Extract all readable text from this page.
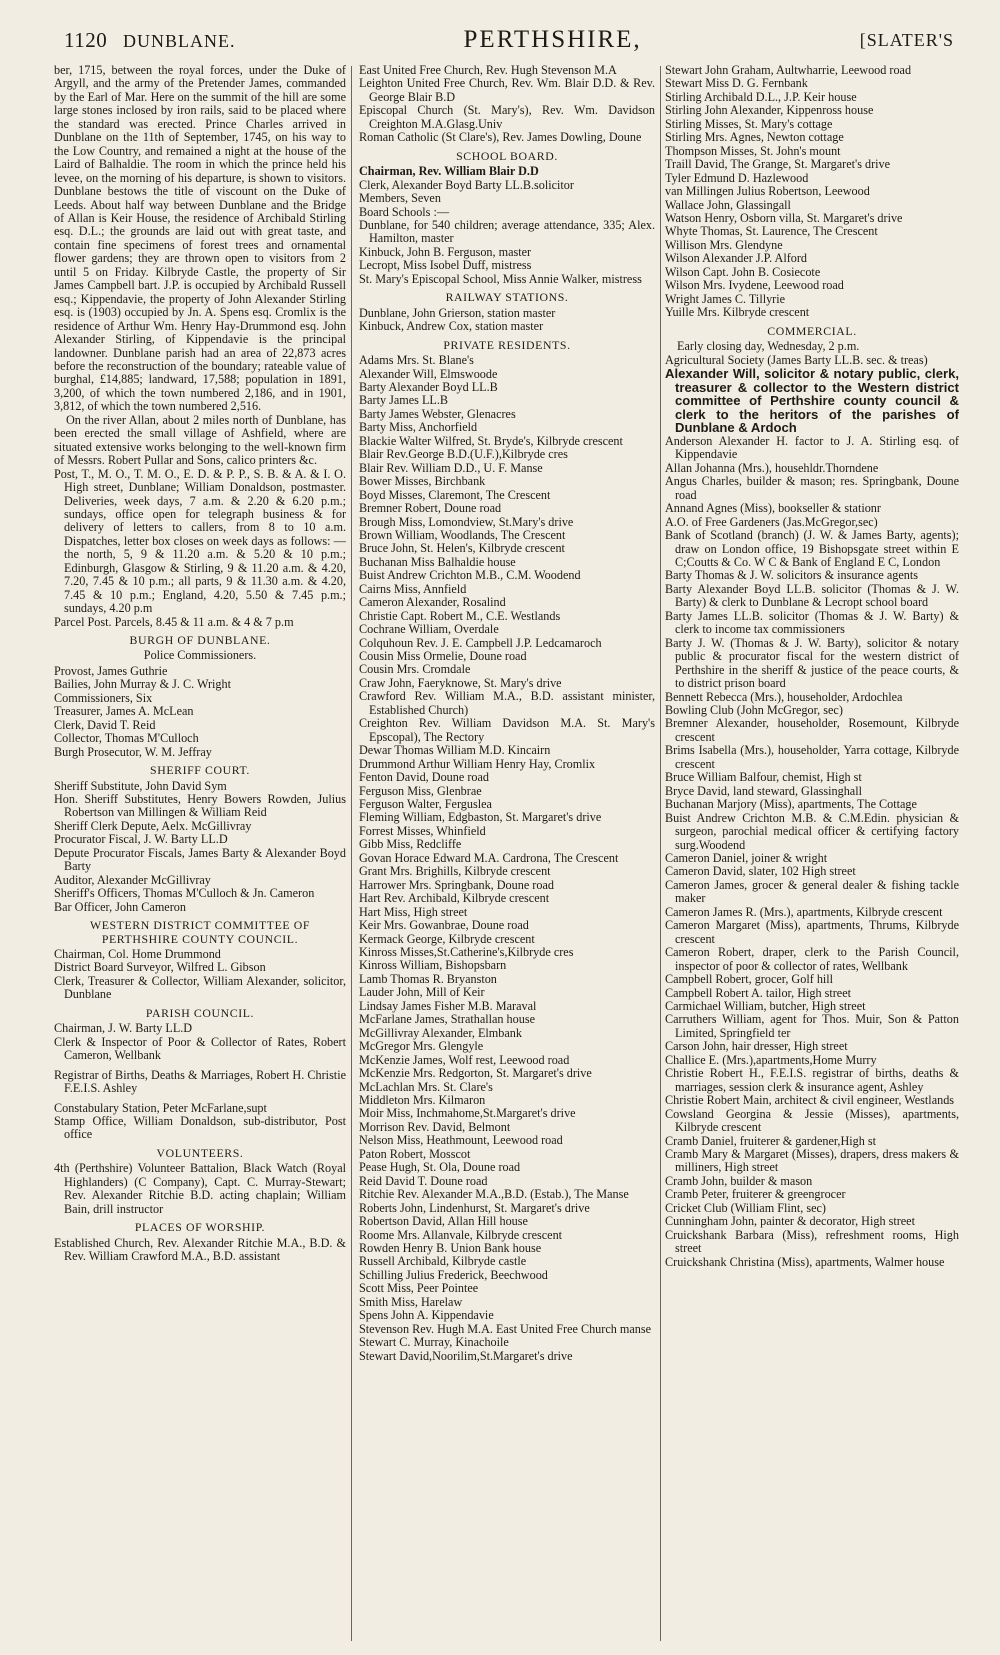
1120 DUNBLANE.	PERTHSHIRE,	[SLATER'S

ber, 1715, between the royal forces, under the Duke of Argyll, and the army of the Pretender James, commanded by the Earl of Mar. Here on the summit of the hill are some large stones inclosed by iron rails, said to be placed where the standard was erected. Prince Charles arrived in Dunblane on the 11th of September, 1745, on his way to the Low Country, and remained a night at the house of the Laird of Balhaldie. The room in which the prince held his levee, on the morning of his departure, is shown to visitors. Dunblane bestows the title of viscount on the Duke of Leeds. About half way between Dunblane and the Bridge of Allan is Keir House, the residence of Archibald Stirling esq. D.L.; the grounds are laid out with great taste, and contain fine specimens of forest trees and ornamental flower gardens; they are thrown open to visitors from 2 until 5 on Friday. Kilbryde Castle, the property of Sir James Campbell bart. J.P. is occupied by Archibald Russell esq.; Kippendavie, the property of John Alexander Stirling esq. is (1903) occupied by Jn. A. Spens esq. Cromlix is the residence of Arthur Wm. Henry Hay-Drummond esq. John Alexander Stirling, of Kippendavie is the principal landowner. Dunblane parish had an area of 22,873 acres before the reconstruction of the boundary; rateable value of burghal, £14,885; landward, 17,588; population in 1891, 3,200, of which the town numbered 2,186, and in 1901, 3,812, of which the town numbered 2,516.

On the river Allan, about 2 miles north of Dunblane, has been erected the small village of Ashfield, where are situated extensive works belonging to the well-known firm of Messrs. Robert Pullar and Sons, calico printers &c.

Post, T., M. O., T. M. O., E. D. & P. P., S. B. & A. & I. O. High street, Dunblane; William Donaldson, postmaster. Deliveries, week days, 7 a.m. & 2.20 & 6.20 p.m.; sundays, office open for telegraph business & for delivery of letters to callers, from 8 to 10 a.m. Dispatches, letter box closes on week days as follows: —the north, 5, 9 & 11.20 a.m. & 5.20 & 10 p.m.; Edinburgh, Glasgow & Stirling, 9 & 11.20 a.m. & 4.20, 7.20, 7.45 & 10 p.m.; all parts, 9 & 11.30 a.m. & 4.20, 7.45 & 10 p.m.; England, 4.20, 5.50 & 7.45 p.m.; sundays, 4.20 p.m

Parcel Post. Parcels, 8.45 & 11 a.m. & 4 & 7 p.m

BURGH OF DUNBLANE.

Police Commissioners.

Provost, James Guthrie

Bailies, John Murray & J. C. Wright

Commissioners, Six

Treasurer, James A. McLean

Clerk, David T. Reid

Collector, Thomas M'Culloch

Burgh Prosecutor, W. M. Jeffray

SHERIFF COURT.

Sheriff Substitute, John David Sym

Hon. Sheriff Substitutes, Henry Bowers Rowden, Julius Robertson van Millingen & William Reid

Sheriff Clerk Depute, Aelx. McGillivray

Procurator Fiscal, J. W. Barty LL.D

Depute Procurator Fiscals, James Barty & Alexander Boyd Barty

Auditor, Alexander McGillivray

Sheriff's Officers, Thomas M'Culloch & Jn. Cameron

Bar Officer, John Cameron

WESTERN DISTRICT COMMITTEE OF PERTHSHIRE COUNTY COUNCIL.

Chairman, Col. Home Drummond

District Board Surveyor, Wilfred L. Gibson

Clerk, Treasurer & Collector, William Alexander, solicitor, Dunblane

PARISH COUNCIL.

Chairman, J. W. Barty LL.D

Clerk & Inspector of Poor & Collector of Rates, Robert Cameron, Wellbank

Registrar of Births, Deaths & Marriages, Robert H. Christie F.E.I.S. Ashley

Constabulary Station, Peter McFarlane,supt

Stamp Office, William Donaldson, sub-distributor, Post office

VOLUNTEERS.

4th (Perthshire) Volunteer Battalion, Black Watch (Royal Highlanders) (C Company), Capt. C. Murray-Stewart; Rev. Alexander Ritchie B.D. acting chaplain; William Bain, drill instructor

PLACES OF WORSHIP.

Established Church, Rev. Alexander Ritchie M.A., B.D. & Rev. William Crawford M.A., B.D. assistant

East United Free Church, Rev. Hugh Stevenson M.A

Leighton United Free Church, Rev. Wm. Blair D.D. & Rev. George Blair B.D

Episcopal Church (St. Mary's), Rev. Wm. Davidson Creighton M.A.Glasg.Univ

Roman Catholic (St Clare's), Rev. James Dowling, Doune

SCHOOL BOARD.

Chairman, Rev. William Blair D.D

Clerk, Alexander Boyd Barty LL.B.solicitor

Members, Seven

Board Schools :—

Dunblane, for 540 children; average attendance, 335; Alex. Hamilton, master

Kinbuck, John B. Ferguson, master

Lecropt, Miss Isobel Duff, mistress

St. Mary's Episcopal School, Miss Annie Walker, mistress

RAILWAY STATIONS.

Dunblane, John Grierson, station master

Kinbuck, Andrew Cox, station master

PRIVATE RESIDENTS.

Adams Mrs. St. Blane's

Alexander Will, Elmswoode

Barty Alexander Boyd LL.B

Barty James LL.B

Barty James Webster, Glenacres

Barty Miss, Anchorfield

Blackie Walter Wilfred, St. Bryde's, Kilbryde crescent

Blair Rev.George B.D.(U.F.),Kilbryde cres

Blair Rev. William D.D., U. F. Manse

Bower Misses, Birchbank

Boyd Misses, Claremont, The Crescent

Bremner Robert, Doune road

Brough Miss, Lomondview, St.Mary's drive

Brown William, Woodlands, The Crescent

Bruce John, St. Helen's, Kilbryde crescent

Buchanan Miss Balhaldie house

Buist Andrew Crichton M.B., C.M. Woodend

Cairns Miss, Annfield

Cameron Alexander, Rosalind

Christie Capt. Robert M., C.E. Westlands

Cochrane William, Overdale

Colquhoun Rev. J. E. Campbell J.P. Ledcamaroch

Cousin Miss Ormelie, Doune road

Cousin Mrs. Cromdale

Craw John, Faeryknowe, St. Mary's drive

Crawford Rev. William M.A., B.D. assistant minister, Established Church)

Creighton Rev. William Davidson M.A. St. Mary's Epscopal), The Rectory

Dewar Thomas William M.D. Kincairn

Drummond Arthur William Henry Hay, Cromlix

Fenton David, Doune road

Ferguson Miss, Glenbrae

Ferguson Walter, Ferguslea

Fleming William, Edgbaston, St. Margaret's drive

Forrest Misses, Whinfield

Gibb Miss, Redcliffe

Govan Horace Edward M.A. Cardrona, The Crescent

Grant Mrs. Brighills, Kilbryde crescent

Harrower Mrs. Springbank, Doune road

Hart Rev. Archibald, Kilbryde crescent

Hart Miss, High street

Keir Mrs. Gowanbrae, Doune road

Kermack George, Kilbryde crescent

Kinross Misses,St.Catherine's,Kilbryde cres

Kinross William, Bishopsbarn

Lamb Thomas R. Bryanston

Lauder John, Mill of Keir

Lindsay James Fisher M.B. Maraval

McFarlane James, Strathallan house

McGillivray Alexander, Elmbank

McGregor Mrs. Glengyle

McKenzie James, Wolf rest, Leewood road

McKenzie Mrs. Redgorton, St. Margaret's drive

McLachlan Mrs. St. Clare's

Middleton Mrs. Kilmaron

Moir Miss, Inchmahome,St.Margaret's drive

Morrison Rev. David, Belmont

Nelson Miss, Heathmount, Leewood road

Paton Robert, Mosscot

Pease Hugh, St. Ola, Doune road

Reid David T. Doune road

Ritchie Rev. Alexander M.A.,B.D. (Estab.), The Manse

Roberts John, Lindenhurst, St. Margaret's drive

Robertson David, Allan Hill house

Roome Mrs. Allanvale, Kilbryde crescent

Rowden Henry B. Union Bank house

Russell Archibald, Kilbryde castle

Schilling Julius Frederick, Beechwood

Scott Miss, Peer Pointee

Smith Miss, Harelaw

Spens John A. Kippendavie

Stevenson Rev. Hugh M.A. East United Free Church manse

Stewart C. Murray, Kinachoile

Stewart David,Noorilim,St.Margaret's drive

Stewart John Graham, Aultwharrie, Leewood road

Stewart Miss D. G. Fernbank

Stirling Archibald D.L., J.P. Keir house

Stirling John Alexander, Kippenross house

Stirling Misses, St. Mary's cottage

Stirling Mrs. Agnes, Newton cottage

Thompson Misses, St. John's mount

Traill David, The Grange, St. Margaret's drive

Tyler Edmund D. Hazlewood

van Millingen Julius Robertson, Leewood

Wallace John, Glassingall

Watson Henry, Osborn villa, St. Margaret's drive

Whyte Thomas, St. Laurence, The Crescent

Willison Mrs. Glendyne

Wilson Alexander J.P. Alford

Wilson Capt. John B. Cosiecote

Wilson Mrs. Ivydene, Leewood road

Wright James C. Tillyrie

Yuille Mrs. Kilbryde crescent

COMMERCIAL.

Early closing day, Wednesday, 2 p.m.

Agricultural Society (James Barty LL.B. sec. & treas)

Alexander Will, solicitor & notary public, clerk, treasurer & collector to the Western district committee of Perthshire county council & clerk to the heritors of the parishes of Dunblane & Ardoch

Anderson Alexander H. factor to J. A. Stirling esq. of Kippendavie

Allan Johanna (Mrs.), househldr.Thorndene

Angus Charles, builder & mason; res. Springbank, Doune road

Annand Agnes (Miss), bookseller & stationr

A.O. of Free Gardeners (Jas.McGregor,sec)

Bank of Scotland (branch) (J. W. & James Barty, agents); draw on London office, 19 Bishopsgate street within E C;Coutts & Co. W C & Bank of England E C, London

Barty Thomas & J. W. solicitors & insurance agents

Barty Alexander Boyd LL.B. solicitor (Thomas & J. W. Barty) & clerk to Dunblane & Lecropt school board

Barty James LL.B. solicitor (Thomas & J. W. Barty) & clerk to income tax commissioners

Barty J. W. (Thomas & J. W. Barty), solicitor & notary public & procurator fiscal for the western district of Perthshire in the sheriff & justice of the peace courts, & to district prison board

Bennett Rebecca (Mrs.), householder, Ardochlea

Bowling Club (John McGregor, sec)

Bremner Alexander, householder, Rosemount, Kilbryde crescent

Brims Isabella (Mrs.), householder, Yarra cottage, Kilbryde crescent

Bruce William Balfour, chemist, High st

Bryce David, land steward, Glassinghall

Buchanan Marjory (Miss), apartments, The Cottage

Buist Andrew Crichton M.B. & C.M.Edin. physician & surgeon, parochial medical officer & certifying factory surg.Woodend

Cameron Daniel, joiner & wright

Cameron David, slater, 102 High street

Cameron James, grocer & general dealer & fishing tackle maker

Cameron James R. (Mrs.), apartments, Kilbryde crescent

Cameron Margaret (Miss), apartments, Thrums, Kilbryde crescent

Cameron Robert, draper, clerk to the Parish Council, inspector of poor & collector of rates, Wellbank

Campbell Robert, grocer, Golf hill

Campbell Robert A. tailor, High street

Carmichael William, butcher, High street

Carruthers William, agent for Thos. Muir, Son & Patton Limited, Springfield ter

Carson John, hair dresser, High street

Challice E. (Mrs.),apartments,Home Murry

Christie Robert H., F.E.I.S. registrar of births, deaths & marriages, session clerk & insurance agent, Ashley

Christie Robert Main, architect & civil engineer, Westlands

Cowsland Georgina & Jessie (Misses), apartments, Kilbryde crescent

Cramb Daniel, fruiterer & gardener,High st

Cramb Mary & Margaret (Misses), drapers, dress makers & milliners, High street

Cramb John, builder & mason

Cramb Peter, fruiterer & greengrocer

Cricket Club (William Flint, sec)

Cunningham John, painter & decorator, High street

Cruickshank Barbara (Miss), refreshment rooms, High street

Cruickshank Christina (Miss), apartments, Walmer house
